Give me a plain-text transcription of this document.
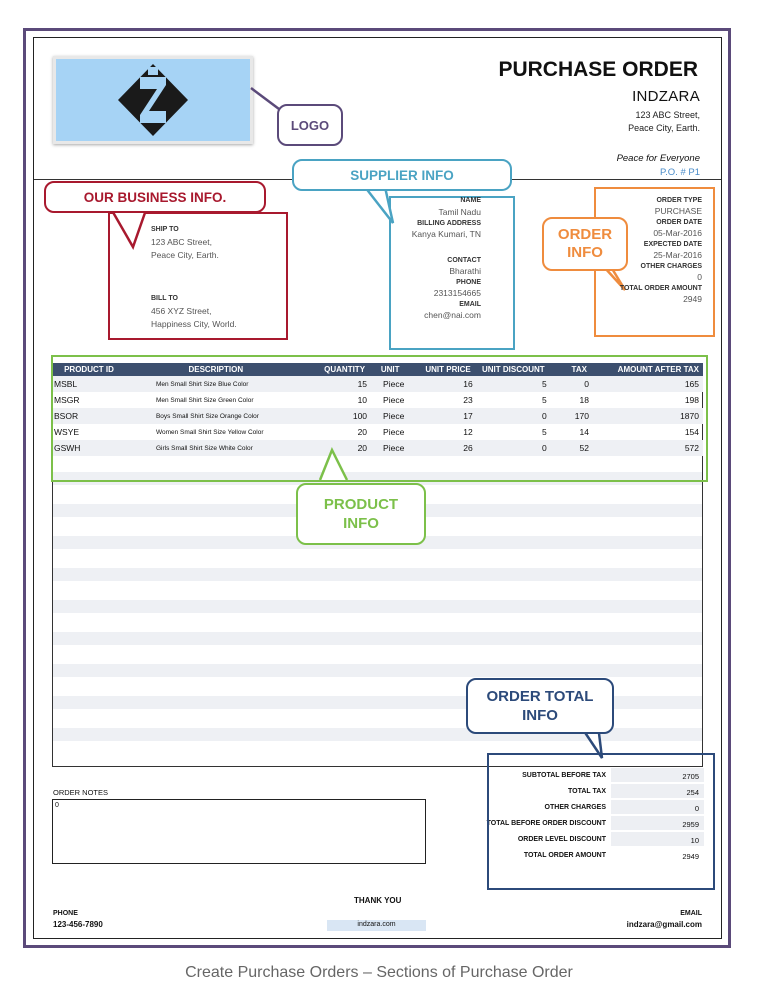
LOGO
PURCHASE ORDER
INDZARA
123 ABC Street,
Peace City, Earth.
Peace for Everyone
P.O. # P1
OUR BUSINESS INFO.
SHIP TO
123 ABC Street,
Peace City, Earth.
BILL TO
456 XYZ Street,
Happiness City, World.
SUPPLIER INFO
NAME
Tamil Nadu
BILLING ADDRESS
Kanya Kumari, TN
CONTACT
Bharathi
PHONE
2313154665
EMAIL
chen@nai.com
ORDER INFO
ORDER TYPE
PURCHASE
ORDER DATE
05-Mar-2016
EXPECTED DATE
25-Mar-2016
OTHER CHARGES
0
TOTAL ORDER AMOUNT
2949
PRODUCT ID	DESCRIPTION	QUANTITY	UNIT	UNIT PRICE	UNIT DISCOUNT	TAX	AMOUNT AFTER TAX
MSBL	Men Small Shirt Size Blue Color	15	Piece	16	5	0	165
MSGR	Men Small Shirt Size Green Color	10	Piece	23	5	18	198
BSOR	Boys Small Shirt Size Orange Color	100	Piece	17	0	170	1870
WSYE	Women Small Shirt Size Yellow Color	20	Piece	12	5	14	154
GSWH	Girls Small Shirt Size White Color	20	Piece	26	0	52	572
PRODUCT INFO
ORDER NOTES
0
SUBTOTAL BEFORE TAX	2705
TOTAL TAX	254
OTHER CHARGES	0
TOTAL BEFORE ORDER DISCOUNT	2959
ORDER LEVEL DISCOUNT	10
TOTAL ORDER AMOUNT	2949
ORDER TOTAL INFO
THANK YOU
PHONE
123-456-7890	indzara.com
EMAIL
indzara@gmail.com
Create Purchase Orders – Sections of Purchase Order
